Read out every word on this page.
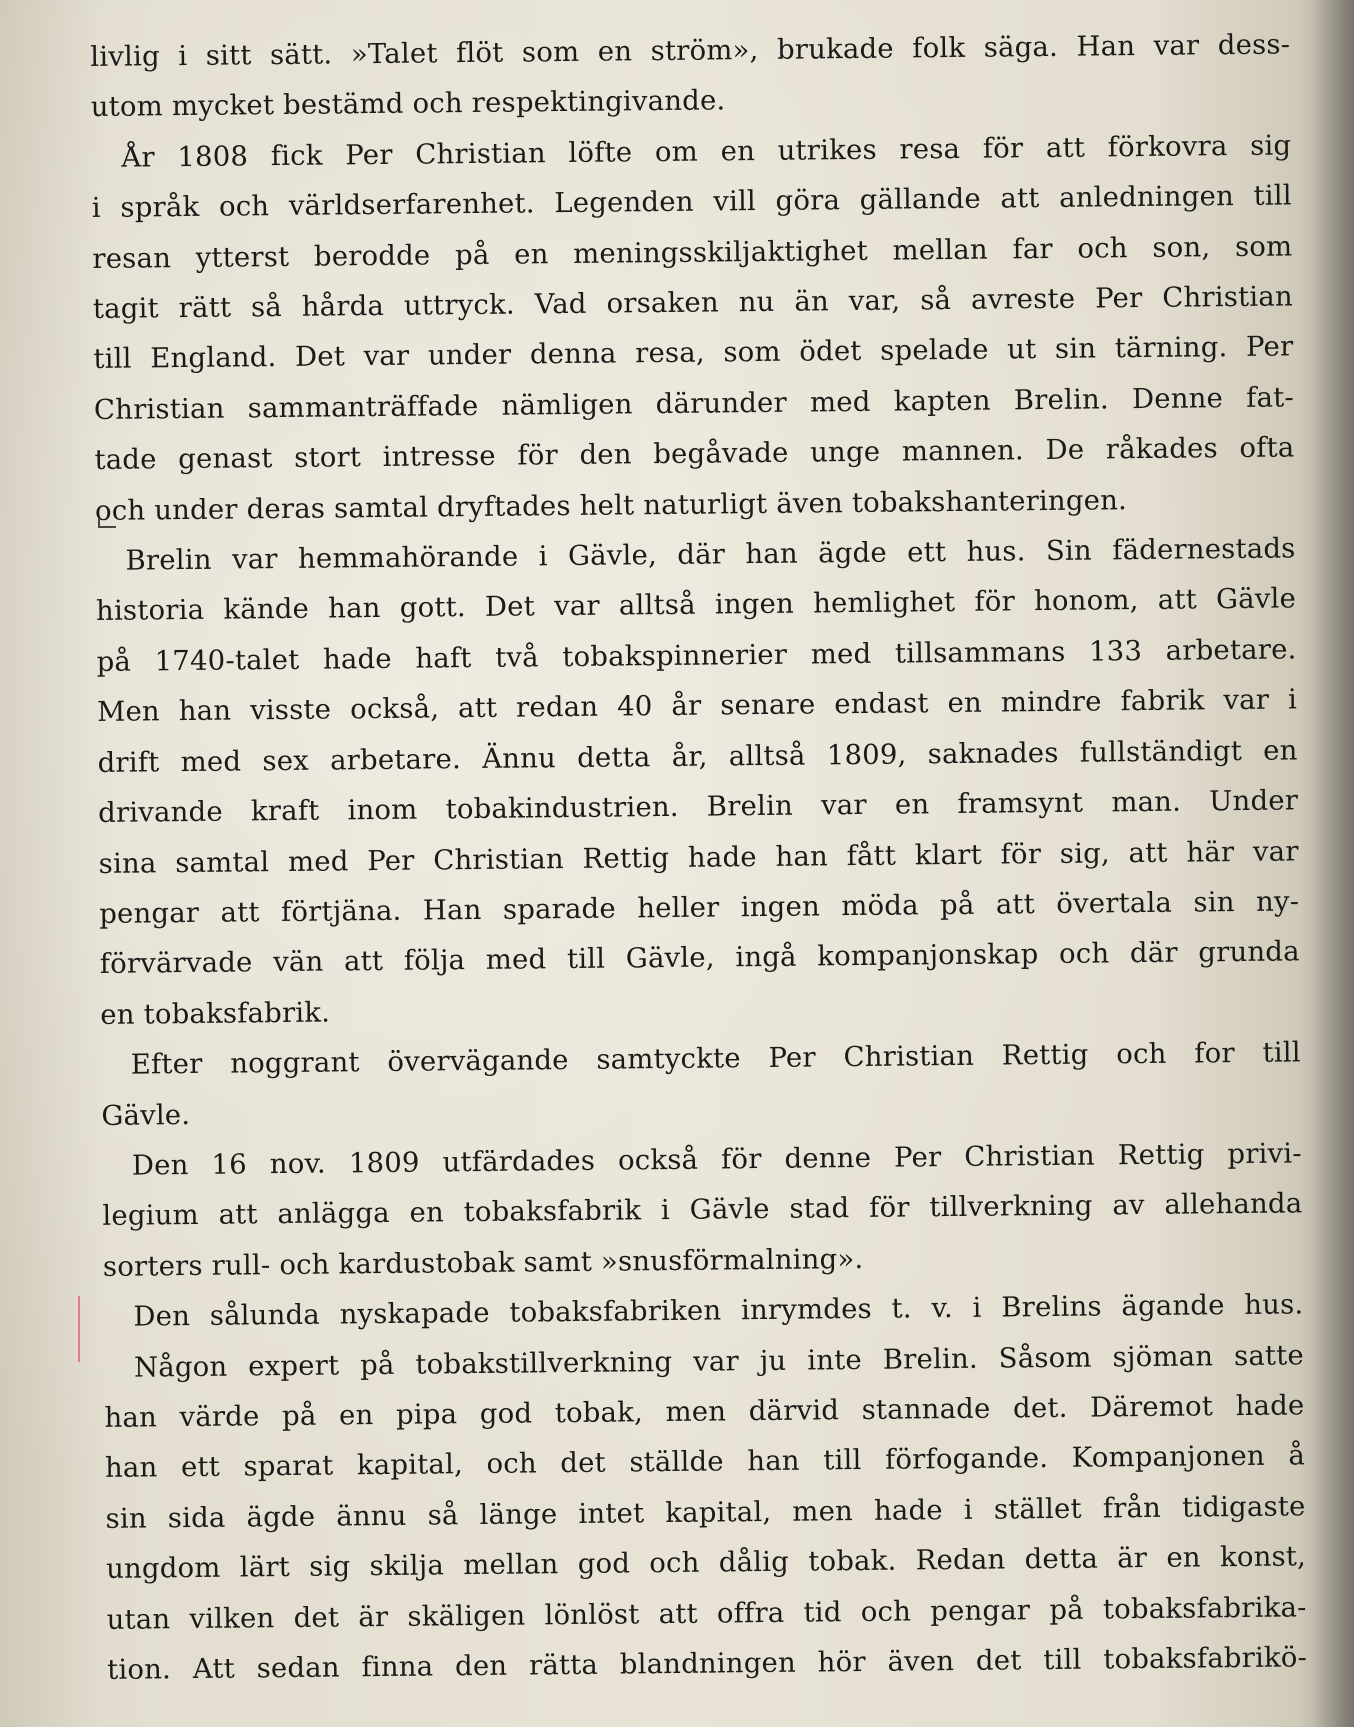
livlig i sitt sätt. »Talet flöt som en ström», brukade folk säga. Han var dess-
utom mycket bestämd och respektingivande.
År 1808 fick Per Christian löfte om en utrikes resa för att förkovra sig
i språk och världserfarenhet. Legenden vill göra gällande att anledningen till
resan ytterst berodde på en meningsskiljaktighet mellan far och son, som
tagit rätt så hårda uttryck. Vad orsaken nu än var, så avreste Per Christian
till England. Det var under denna resa, som ödet spelade ut sin tärning. Per
Christian sammanträffade nämligen därunder med kapten Brelin. Denne fat-
tade genast stort intresse för den begåvade unge mannen. De råkades ofta
och under deras samtal dryftades helt naturligt även tobakshanteringen.
Brelin var hemmahörande i Gävle, där han ägde ett hus. Sin fädernestads
historia kände han gott. Det var alltså ingen hemlighet för honom, att Gävle
på 1740-talet hade haft två tobakspinnerier med tillsammans 133 arbetare.
Men han visste också, att redan 40 år senare endast en mindre fabrik var i
drift med sex arbetare. Ännu detta år, alltså 1809, saknades fullständigt en
drivande kraft inom tobakindustrien. Brelin var en framsynt man. Under
sina samtal med Per Christian Rettig hade han fått klart för sig, att här var
pengar att förtjäna. Han sparade heller ingen möda på att övertala sin ny-
förvärvade vän att följa med till Gävle, ingå kompanjonskap och där grunda
en tobaksfabrik.
Efter noggrant övervägande samtyckte Per Christian Rettig och for till
Gävle.
Den 16 nov. 1809 utfärdades också för denne Per Christian Rettig privi-
legium att anlägga en tobaksfabrik i Gävle stad för tillverkning av allehanda
sorters rull- och kardustobak samt »snusförmalning».
Den sålunda nyskapade tobaksfabriken inrymdes t. v. i Brelins ägande hus.
Någon expert på tobakstillverkning var ju inte Brelin. Såsom sjöman satte
han värde på en pipa god tobak, men därvid stannade det. Däremot hade
han ett sparat kapital, och det ställde han till förfogande. Kompanjonen å
sin sida ägde ännu så länge intet kapital, men hade i stället från tidigaste
ungdom lärt sig skilja mellan god och dålig tobak. Redan detta är en konst,
utan vilken det är skäligen lönlöst att offra tid och pengar på tobaksfabrika-
tion. Att sedan finna den rätta blandningen hör även det till tobaksfabrikö-
